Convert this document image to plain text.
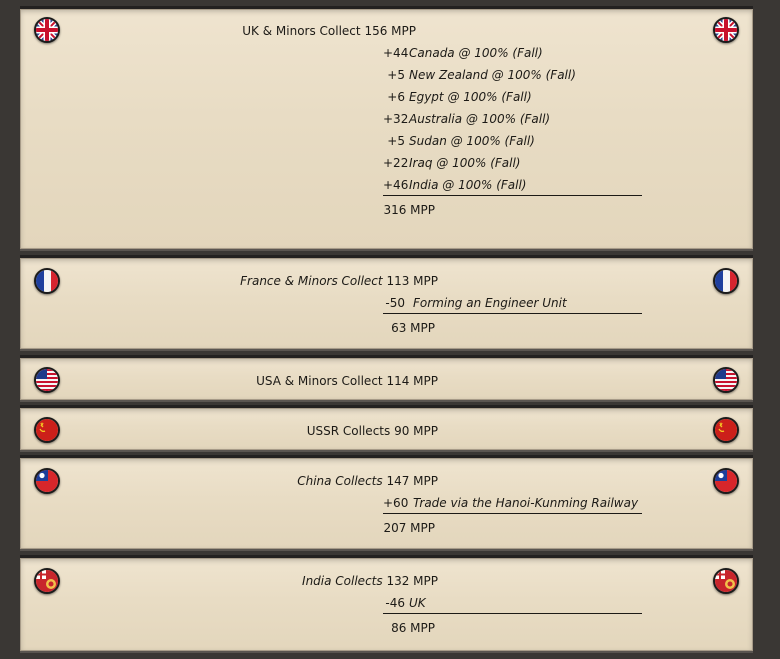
UK & Minors Collect 156 MPP
+44 Canada @ 100% (Fall)
+5 New Zealand @ 100% (Fall)
+6 Egypt @ 100% (Fall)
+32 Australia @ 100% (Fall)
+5 Sudan @ 100% (Fall)
+22 Iraq @ 100% (Fall)
+46 India @ 100% (Fall)
316 MPP
France & Minors Collect 113 MPP
-50 Forming an Engineer Unit
63 MPP
USA & Minors Collect 114 MPP
USSR Collects 90 MPP
China Collects 147 MPP
+60 Trade via the Hanoi-Kunming Railway
207 MPP
India Collects 132 MPP
-46 UK
86 MPP
